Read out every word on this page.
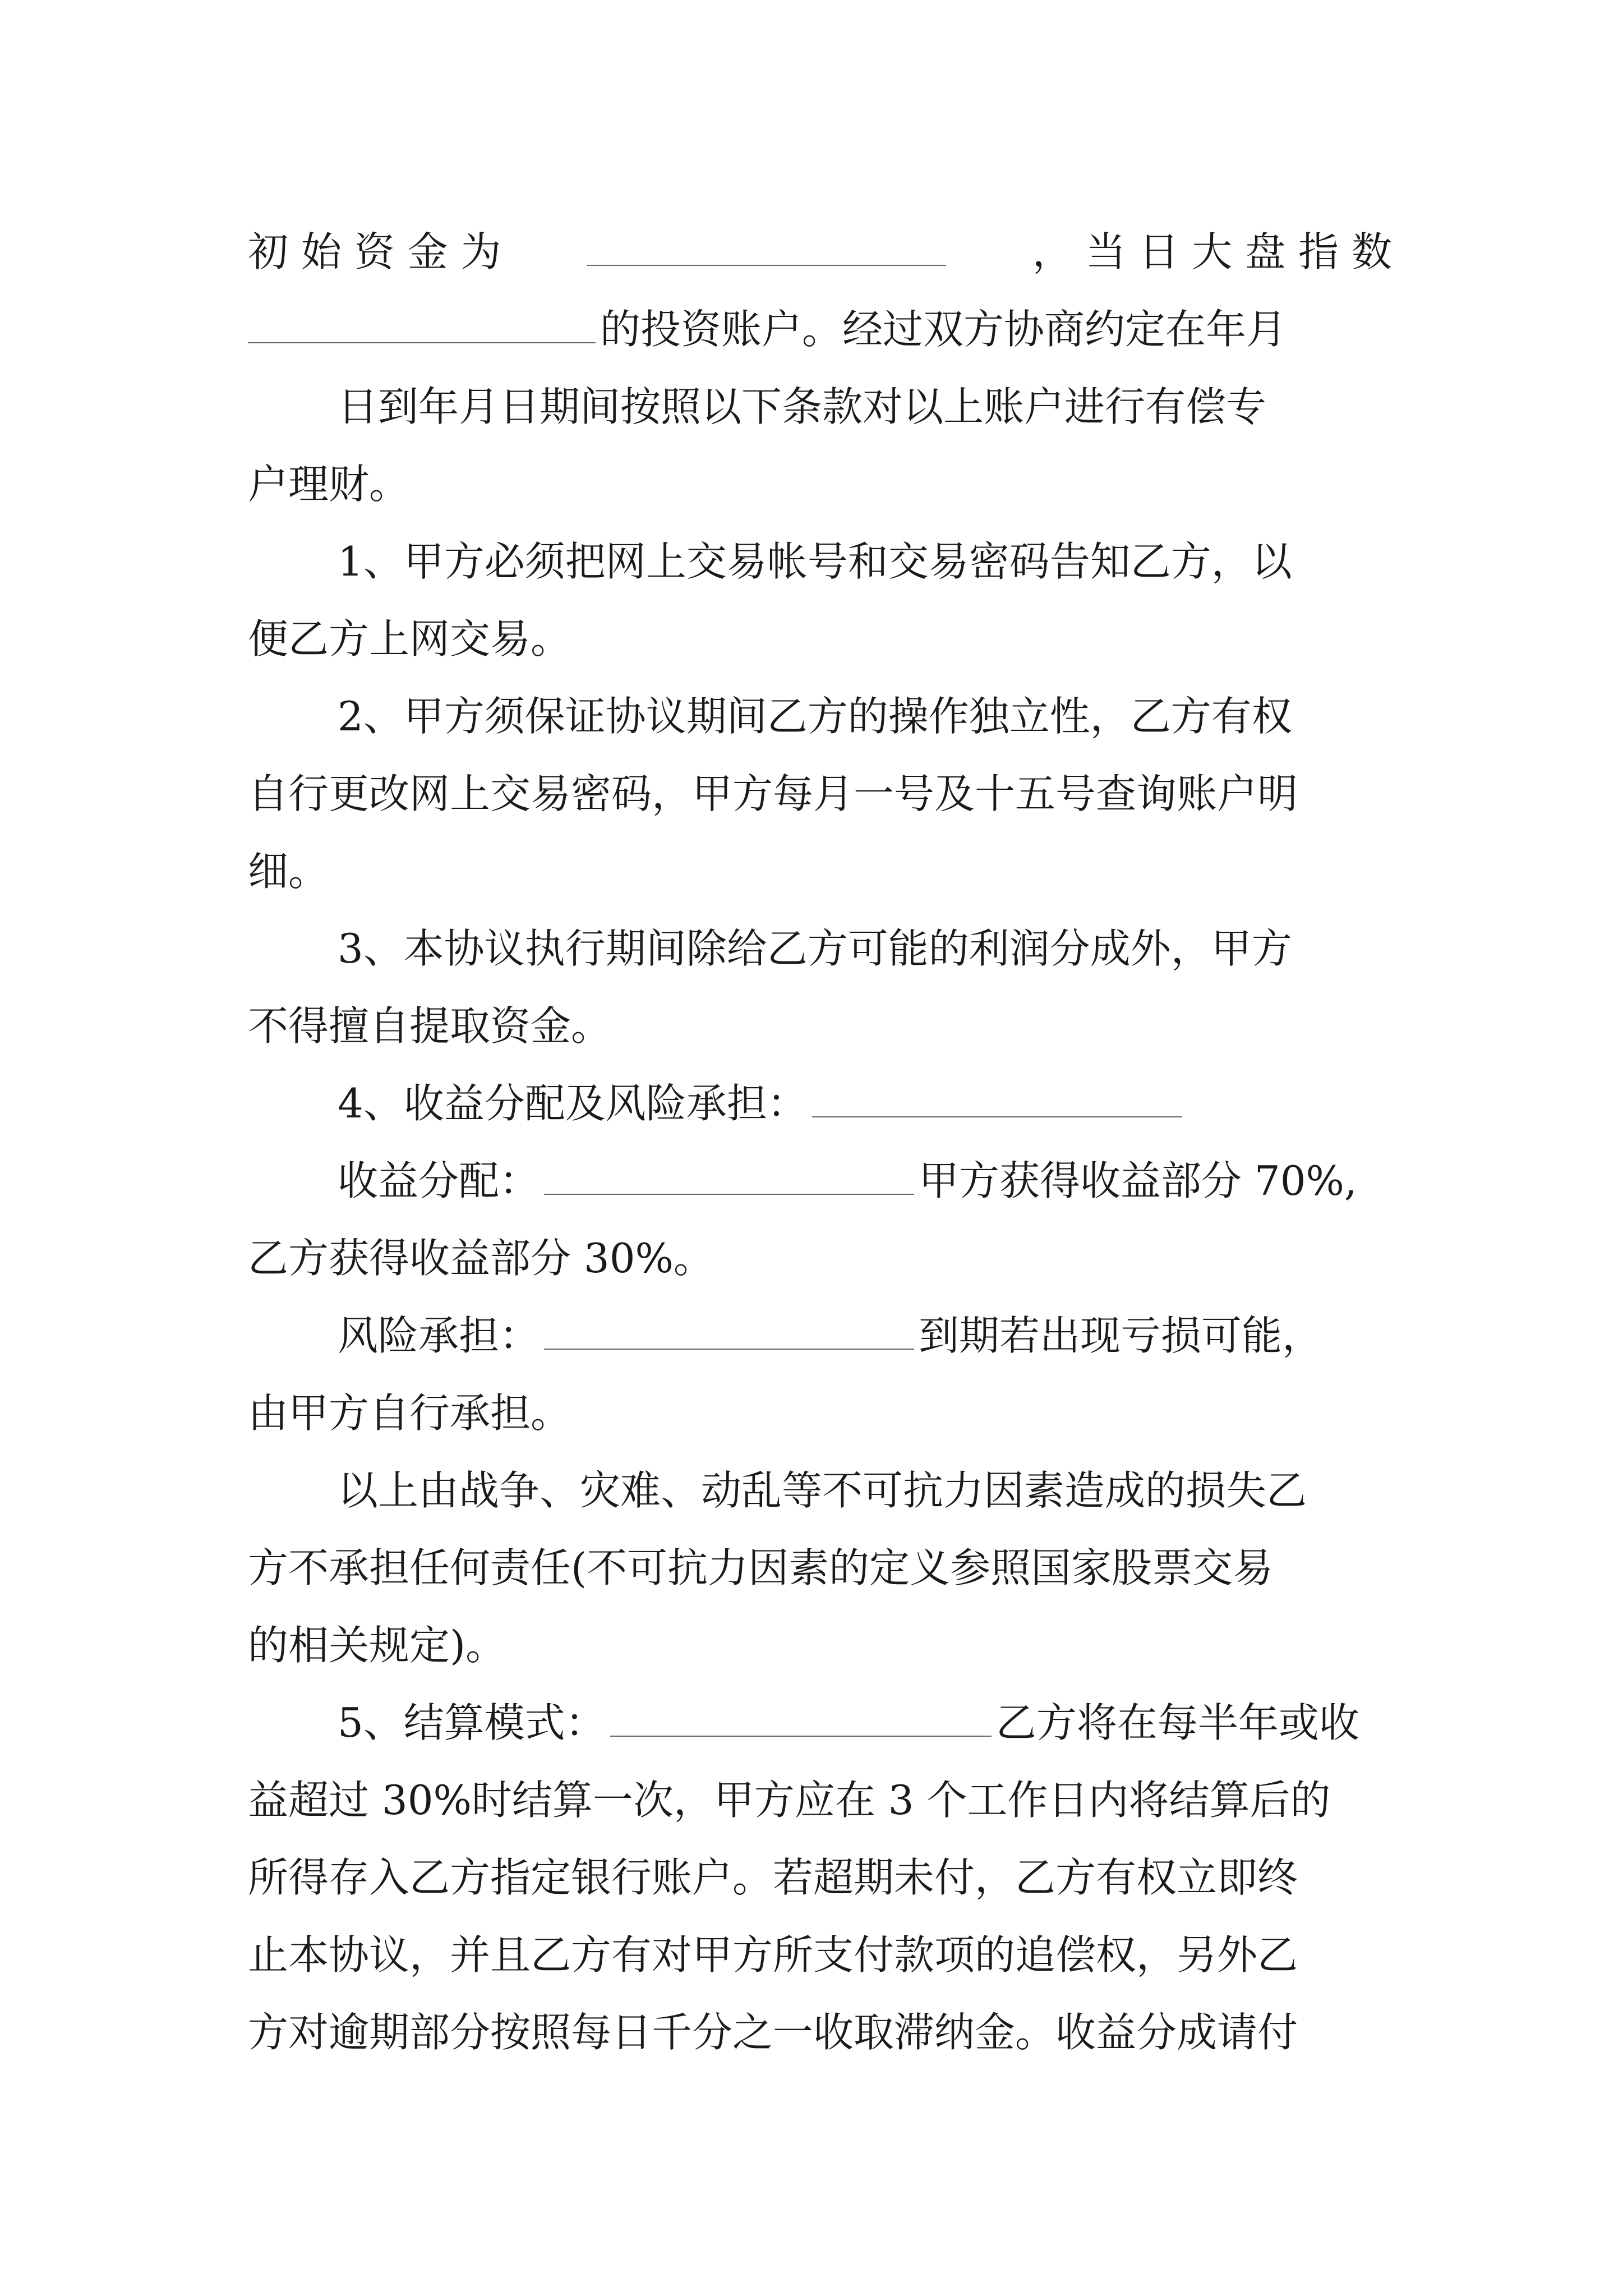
初 始 资 金 为	， 当 日 大 盘 指 数
的投资账户。经过双方协商约定在年月
日到年月日期间按照以下条款对以上账户进行有偿专
户理财。
1、甲方必须把网上交易帐号和交易密码告知乙方，以
便乙方上网交易。
2、甲方须保证协议期间乙方的操作独立性，乙方有权
自行更改网上交易密码，甲方每月一号及十五号查询账户明
细。
3、本协议执行期间除给乙方可能的利润分成外，甲方
不得擅自提取资金。
4、收益分配及风险承担：
收益分配：	甲方获得收益部分 70%,
乙方获得收益部分 30%。
风险承担：	到期若出现亏损可能，
由甲方自行承担。
以上由战争、灾难、动乱等不可抗力因素造成的损失乙
方不承担任何责任(不可抗力因素的定义参照国家股票交易
的相关规定)。
5、结算模式：	乙方将在每半年或收
益超过 30%时结算一次，甲方应在 3 个工作日内将结算后的
所得存入乙方指定银行账户。若超期未付，乙方有权立即终
止本协议，并且乙方有对甲方所支付款项的追偿权，另外乙
方对逾期部分按照每日千分之一收取滞纳金。收益分成请付
